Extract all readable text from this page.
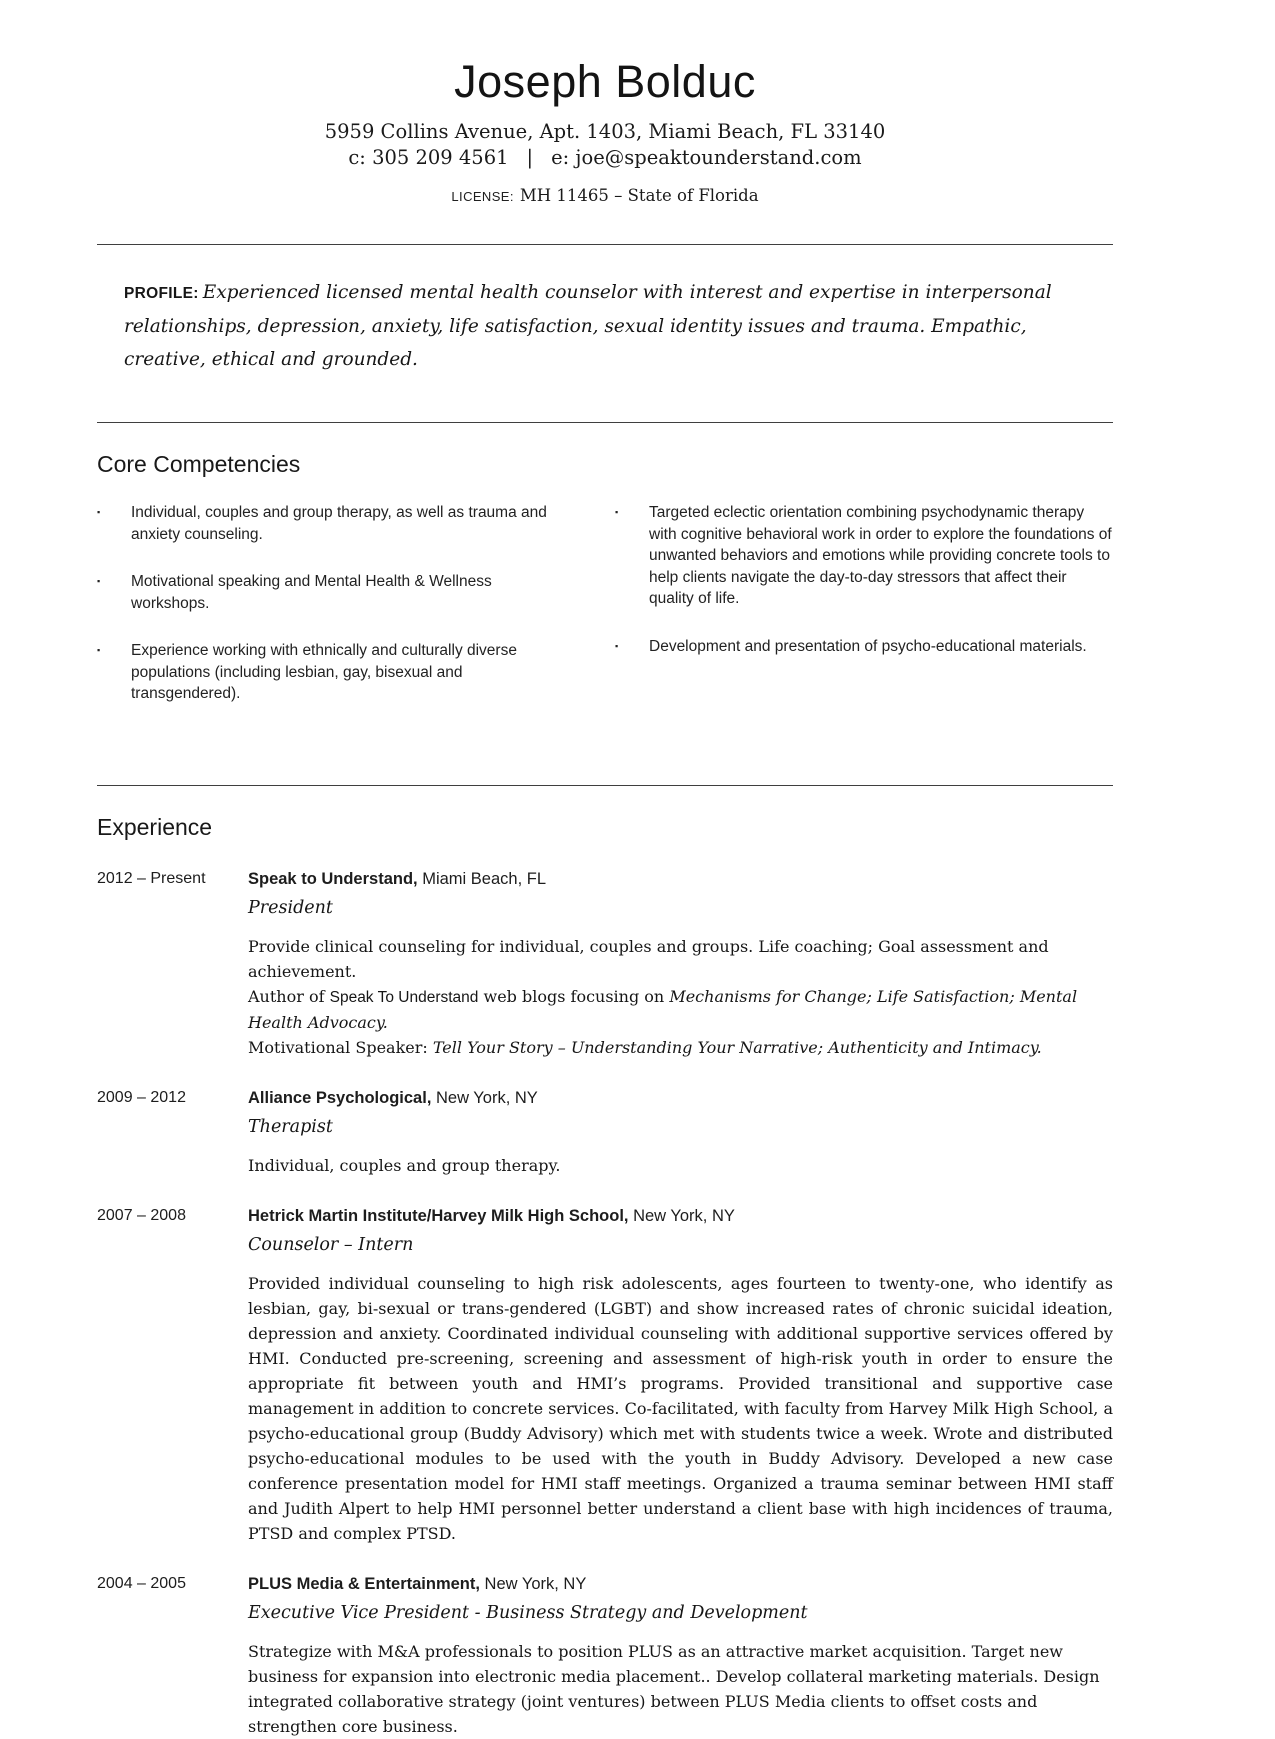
Joseph Bolduc
5959 Collins Avenue, Apt. 1403, Miami Beach, FL 33140
c: 305 209 4561 | e: joe@speaktounderstand.com
LICENSE: MH 11465 – State of Florida
PROFILE: Experienced licensed mental health counselor with interest and expertise in interpersonal relationships, depression, anxiety, life satisfaction, sexual identity issues and trauma. Empathic, creative, ethical and grounded.
Core Competencies
▪	Individual, couples and group therapy, as well as trauma and anxiety counseling.
▪	Motivational speaking and Mental Health & Wellness workshops.
▪	Experience working with ethnically and culturally diverse populations (including lesbian, gay, bisexual and transgendered).
▪	Targeted eclectic orientation combining psychodynamic therapy with cognitive behavioral work in order to explore the foundations of unwanted behaviors and emotions while providing concrete tools to help clients navigate the day-to-day stressors that affect their quality of life.
▪	Development and presentation of psycho-educational materials.
Experience
2012 – Present	Speak to Understand, Miami Beach, FL
President

Provide clinical counseling for individual, couples and groups. Life coaching; Goal assessment and achievement.

Author of Speak To Understand web blogs focusing on Mechanisms for Change; Life Satisfaction; Mental Health Advocacy.

Motivational Speaker: Tell Your Story – Understanding Your Narrative; Authenticity and Intimacy.

2009 – 2012	Alliance Psychological, New York, NY
Therapist

Individual, couples and group therapy.

2007 – 2008	Hetrick Martin Institute/Harvey Milk High School, New York, NY
Counselor – Intern

Provided individual counseling to high risk adolescents, ages fourteen to twenty-one, who identify as lesbian, gay, bi-sexual or trans-gendered (LGBT) and show increased rates of chronic suicidal ideation, depression and anxiety. Coordinated individual counseling with additional supportive services offered by HMI. Conducted pre-screening, screening and assessment of high-risk youth in order to ensure the appropriate fit between youth and HMI’s programs. Provided transitional and supportive case management in addition to concrete services. Co-facilitated, with faculty from Harvey Milk High School, a psycho-educational group (Buddy Advisory) which met with students twice a week. Wrote and distributed psycho-educational modules to be used with the youth in Buddy Advisory. Developed a new case conference presentation model for HMI staff meetings. Organized a trauma seminar between HMI staff and Judith Alpert to help HMI personnel better understand a client base with high incidences of trauma, PTSD and complex PTSD.

2004 – 2005	PLUS Media & Entertainment, New York, NY
Executive Vice President - Business Strategy and Development

Strategize with M&A professionals to position PLUS as an attractive market acquisition. Target new business for expansion into electronic media placement.. Develop collateral marketing materials. Design integrated collaborative strategy (joint ventures) between PLUS Media clients to offset costs and strengthen core business.
